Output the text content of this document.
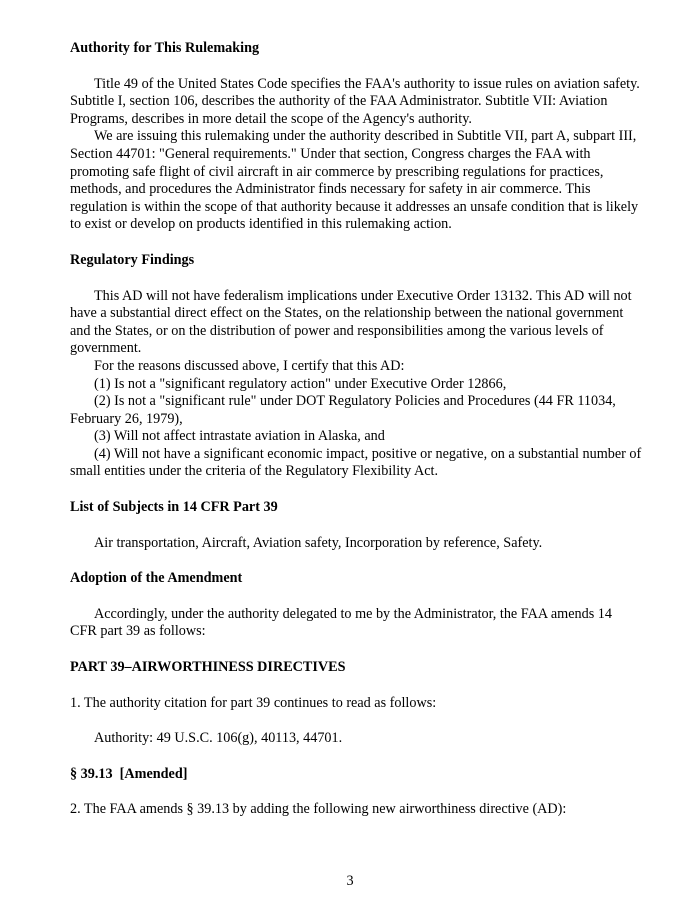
Authority for This Rulemaking

Title 49 of the United States Code specifies the FAA's authority to issue rules on aviation safety. Subtitle I, section 106, describes the authority of the FAA Administrator. Subtitle VII: Aviation Programs, describes in more detail the scope of the Agency's authority.

We are issuing this rulemaking under the authority described in Subtitle VII, part A, subpart III, Section 44701: "General requirements." Under that section, Congress charges the FAA with promoting safe flight of civil aircraft in air commerce by prescribing regulations for practices, methods, and procedures the Administrator finds necessary for safety in air commerce. This regulation is within the scope of that authority because it addresses an unsafe condition that is likely to exist or develop on products identified in this rulemaking action.

Regulatory Findings

This AD will not have federalism implications under Executive Order 13132. This AD will not have a substantial direct effect on the States, on the relationship between the national government and the States, or on the distribution of power and responsibilities among the various levels of government.

For the reasons discussed above, I certify that this AD:

(1) Is not a "significant regulatory action" under Executive Order 12866,

(2) Is not a "significant rule" under DOT Regulatory Policies and Procedures (44 FR 11034, February 26, 1979),

(3) Will not affect intrastate aviation in Alaska, and

(4) Will not have a significant economic impact, positive or negative, on a substantial number of small entities under the criteria of the Regulatory Flexibility Act.

List of Subjects in 14 CFR Part 39

Air transportation, Aircraft, Aviation safety, Incorporation by reference, Safety.

Adoption of the Amendment

Accordingly, under the authority delegated to me by the Administrator, the FAA amends 14 CFR part 39 as follows:

PART 39–AIRWORTHINESS DIRECTIVES

1. The authority citation for part 39 continues to read as follows:

Authority: 49 U.S.C. 106(g), 40113, 44701.

§ 39.13  [Amended]

2. The FAA amends § 39.13 by adding the following new airworthiness directive (AD):

3
